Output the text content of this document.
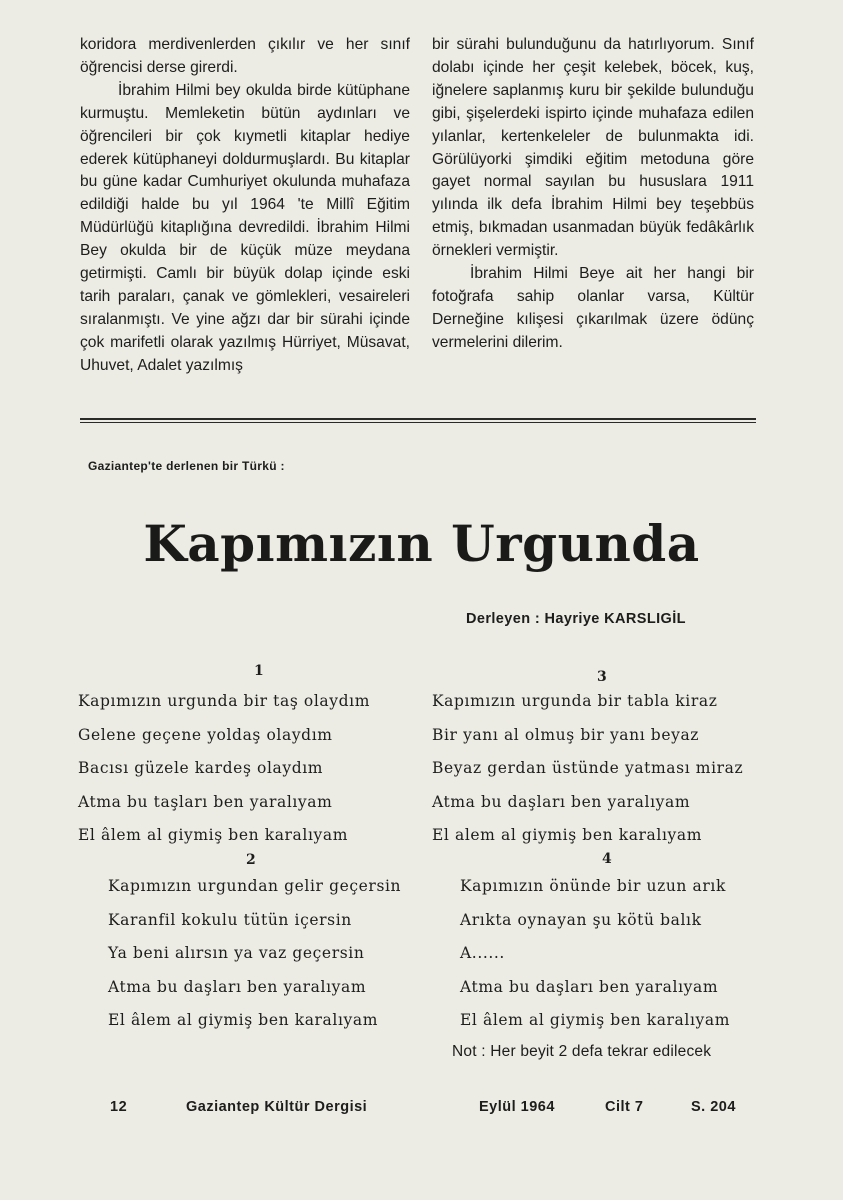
koridora merdivenlerden çıkılır ve her sınıf öğrencisi derse girerdi.

İbrahim Hilmi bey okulda birde kütüphane kurmuştu. Memleketin bütün aydınları ve öğrencileri bir çok kıymetli kitaplar hediye ederek kütüphaneyi doldurmuşlardı. Bu kitaplar bu güne kadar Cumhuriyet okulunda muhafaza edildiği halde bu yıl 1964 'te Millî Eğitim Müdürlüğü kitaplığına devredildi. İbrahim Hilmi Bey okulda bir de küçük müze meydana getirmişti. Camlı bir büyük dolap içinde eski tarih paraları, çanak ve gömlekleri, vesaireleri sıralanmıştı. Ve yine ağzı dar bir sürahi içinde çok marifetli olarak yazılmış Hürriyet, Müsavat, Uhuvet, Adalet yazılmış

bir sürahi bulunduğunu da hatırlıyorum. Sınıf dolabı içinde her çeşit kelebek, böcek, kuş, iğnelere saplanmış kuru bir şekilde bulunduğu gibi, şişelerdeki ispirto içinde muhafaza edilen yılanlar, kertenkeleler de bulunmakta idi. Görülüyorki şimdiki eğitim metoduna göre gayet normal sayılan bu hususlara 1911 yılında ilk defa İbrahim Hilmi bey teşebbüs etmiş, bıkmadan usanmadan büyük fedâkârlık örnekleri vermiştir.

İbrahim Hilmi Beye ait her hangi bir fotoğrafa sahip olanlar varsa, Kültür Derneğine kılişesi çıkarılmak üzere ödünç vermelerini dilerim.

Gaziantep'te derlenen bir Türkü :
Kapımızın Urgunda
Derleyen : Hayriye KARSLIGİL
1
Kapımızın urgunda bir taş olaydım
Gelene geçene yoldaş olaydım
Bacısı güzele kardeş olaydım
Atma bu taşları ben yaralıyam
El âlem al giymiş ben karalıyam
3
Kapımızın urgunda bir tabla kiraz
Bir yanı al olmuş bir yanı beyaz
Beyaz gerdan üstünde yatması miraz
Atma bu daşları ben yaralıyam
El alem al giymiş ben karalıyam
2
Kapımızın urgundan gelir geçersin
Karanfil kokulu tütün içersin
Ya beni alırsın ya vaz geçersin
Atma bu daşları ben yaralıyam
El âlem al giymiş ben karalıyam
4
Kapımızın önünde bir uzun arık
Arıkta oynayan şu kötü balık
A......
Atma bu daşları ben yaralıyam
El âlem al giymiş ben karalıyam
Not : Her beyit 2 defa tekrar edilecek
12	Gaziantep Kültür Dergisi	Eylül 1964	Cilt 7	S. 204
